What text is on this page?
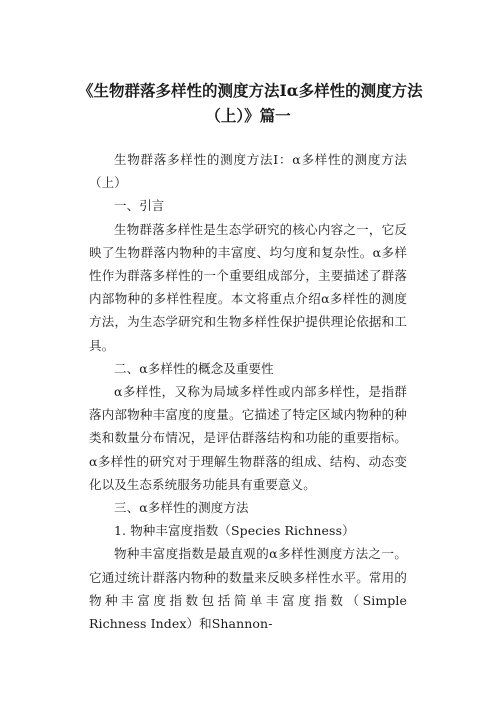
《生物群落多样性的测度方法Ⅰα多样性的测度方法
（上）》篇一

生物群落多样性的测度方法Ⅰ：α多样性的测度方法（上）

一、引言

生物群落多样性是生态学研究的核心内容之一，它反映了生物群落内物种的丰富度、均匀度和复杂性。α多样性作为群落多样性的一个重要组成部分，主要描述了群落内部物种的多样性程度。本文将重点介绍α多样性的测度方法，为生态学研究和生物多样性保护提供理论依据和工具。

二、α多样性的概念及重要性

α多样性，又称为局域多样性或内部多样性，是指群落内部物种丰富度的度量。它描述了特定区域内物种的种类和数量分布情况，是评估群落结构和功能的重要指标。α多样性的研究对于理解生物群落的组成、结构、动态变化以及生态系统服务功能具有重要意义。

三、α多样性的测度方法

1. 物种丰富度指数（Species Richness）

物种丰富度指数是最直观的α多样性测度方法之一。它通过统计群落内物种的数量来反映多样性水平。常用的物种丰富度指数包括简单丰富度指数（Simple Richness Index）和Shannon-
